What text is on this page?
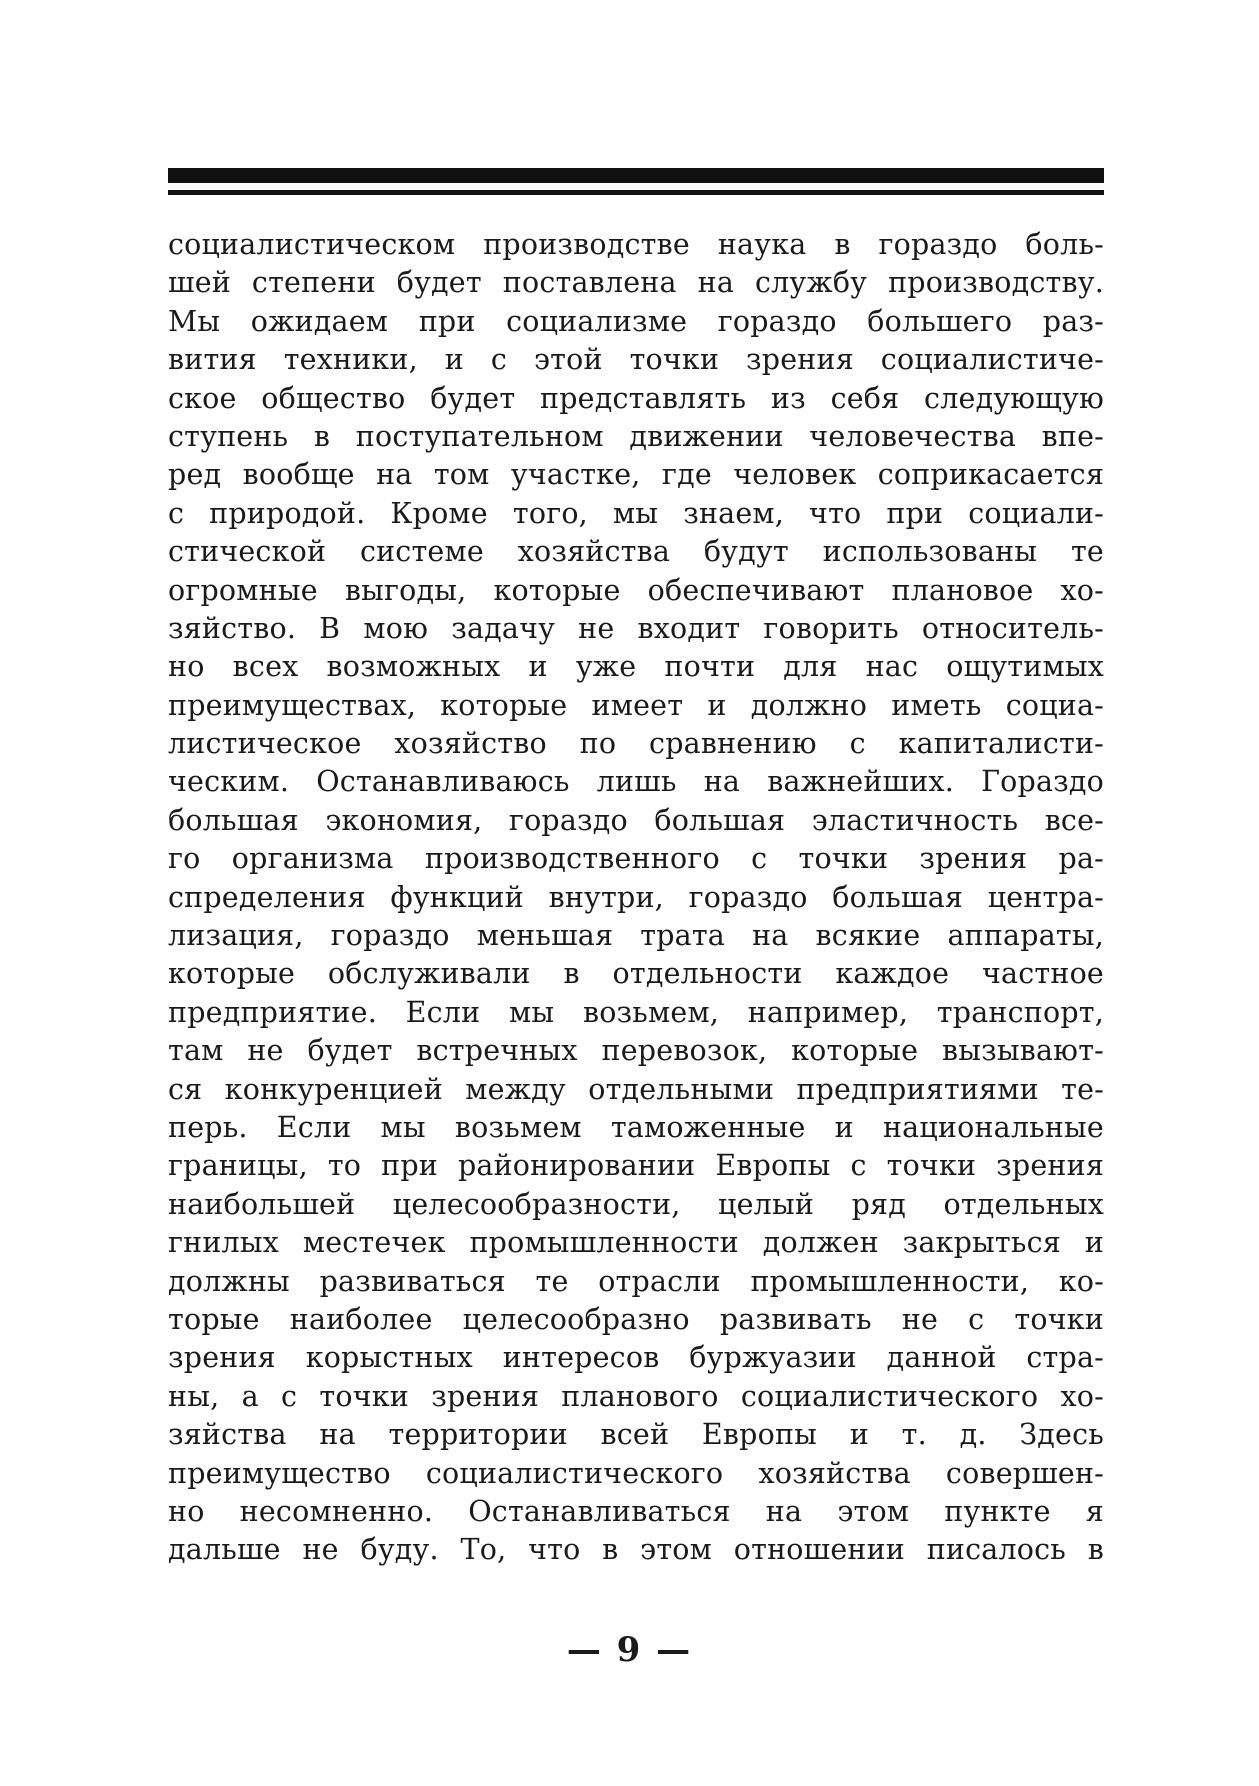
социалистическом производстве наука в гораздо боль-
шей степени будет поставлена на службу производству.
Мы ожидаем при социализме гораздо большего раз-
вития техники, и с этой точки зрения социалистиче-
ское общество будет представлять из себя следующую
ступень в поступательном движении человечества впе-
ред вообще на том участке, где человек соприкасается
с природой. Кроме того, мы знаем, что при социали-
стической системе хозяйства будут использованы те
огромные выгоды, которые обеспечивают плановое хо-
зяйство. В мою задачу не входит говорить относитель-
но всех возможных и уже почти для нас ощутимых
преимуществах, которые имеет и должно иметь социа-
листическое хозяйство по сравнению с капиталисти-
ческим. Останавливаюсь лишь на важнейших. Гораздо
большая экономия, гораздо большая эластичность все-
го организма производственного с точки зрения ра-
спределения функций внутри, гораздо большая центра-
лизация, гораздо меньшая трата на всякие аппараты,
которые обслуживали в отдельности каждое частное
предприятие. Если мы возьмем, например, транспорт,
там не будет встречных перевозок, которые вызывают-
ся конкуренцией между отдельными предприятиями те-
перь. Если мы возьмем таможенные и национальные
границы, то при районировании Европы с точки зрения
наибольшей целесообразности, целый ряд отдельных
гнилых местечек промышленности должен закрыться и
должны развиваться те отрасли промышленности, ко-
торые наиболее целесообразно развивать не с точки
зрения корыстных интересов буржуазии данной стра-
ны, а с точки зрения планового социалистического хо-
зяйства на территории всей Европы и т. д. Здесь
преимущество социалистического хозяйства совершен-
но несомненно. Останавливаться на этом пункте я
дальше не буду. То, что в этом отношении писалось в
— 9 —
